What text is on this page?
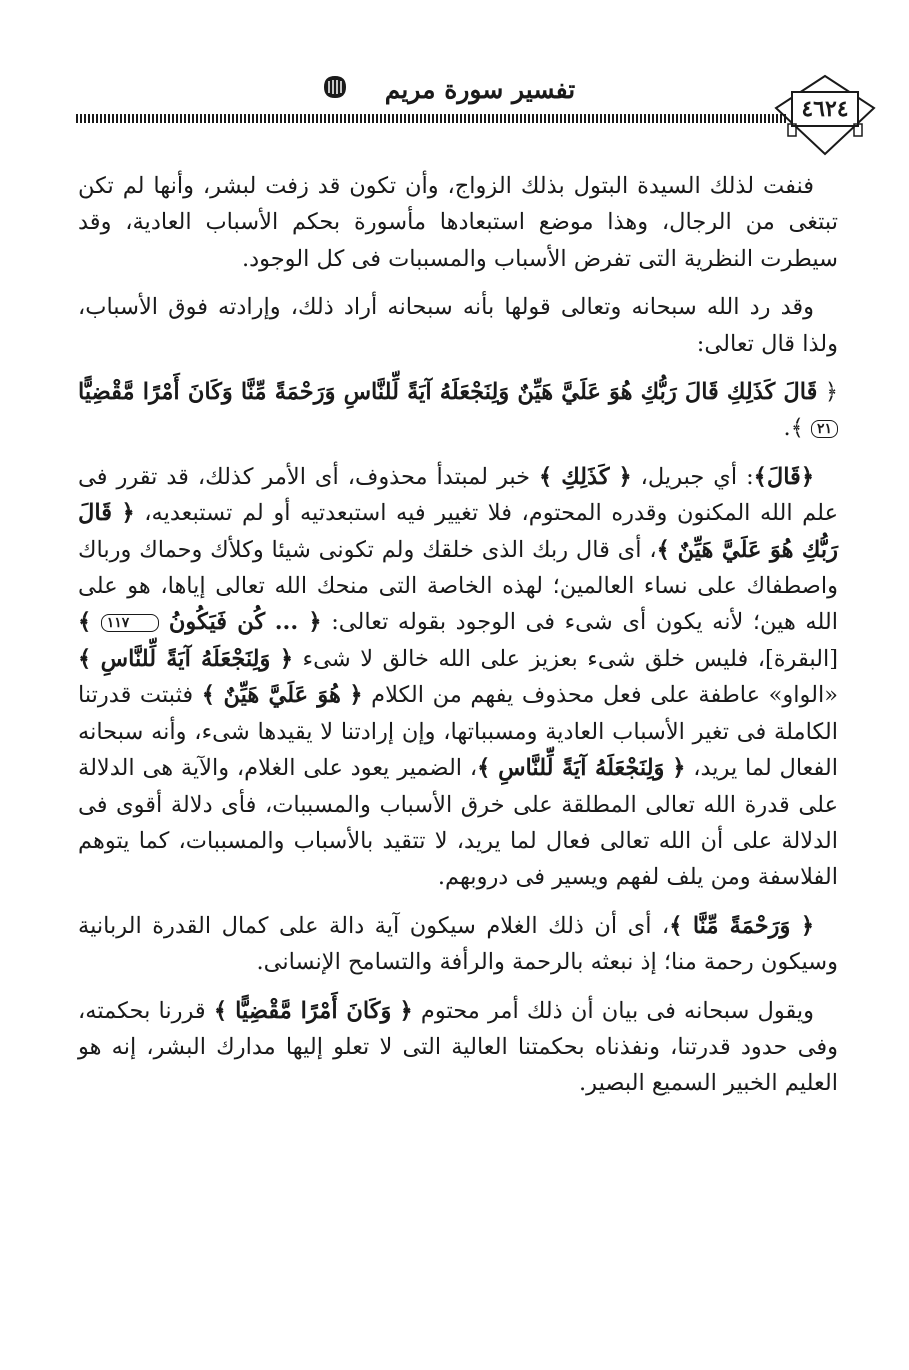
تفسير سورة مريم
٤٦٢٤

فنفت لذلك السيدة البتول بذلك الزواج، وأن تكون قد زفت لبشر، وأنها لم تكن تبتغى من الرجال، وهذا موضع استبعادها مأسورة بحكم الأسباب العادية، وقد سيطرت النظرية التى تفرض الأسباب والمسببات فى كل الوجود.

وقد رد الله سبحانه وتعالى قولها بأنه سبحانه أراد ذلك، وإرادته فوق الأسباب، ولذا قال تعالى:

﴿ قَالَ كَذَلِكِ قَالَ رَبُّكِ هُوَ عَلَيَّ هَيِّنٌ وَلِنَجْعَلَهُ آيَةً لِّلنَّاسِ وَرَحْمَةً مِّنَّا وَكَانَ أَمْرًا مَّقْضِيًّا ٢١ ﴾.

﴿قَالَ﴾: أي جبريل، ﴿ كَذَلِكِ ﴾ خبر لمبتدأ محذوف، أى الأمر كذلك، قد تقرر فى علم الله المكنون وقدره المحتوم، فلا تغيير فيه استبعدتيه أو لم تستبعديه، ﴿ قَالَ رَبُّكِ هُوَ عَلَيَّ هَيِّنٌ ﴾، أى قال ربك الذى خلقك ولم تكونى شيئا وكلأك وحماك ورباك واصطفاك على نساء العالمين؛ لهذه الخاصة التى منحك الله تعالى إياها، هو على الله هين؛ لأنه يكون أى شىء فى الوجود بقوله تعالى: ﴿ ... كُن فَيَكُونُ ١١٧ ﴾ [البقرة]، فليس خلق شىء بعزيز على الله خالق لا شىء ﴿ وَلِنَجْعَلَهُ آيَةً لِّلنَّاسِ ﴾ «الواو» عاطفة على فعل محذوف يفهم من الكلام ﴿ هُوَ عَلَيَّ هَيِّنٌ ﴾ فثبتت قدرتنا الكاملة فى تغير الأسباب العادية ومسبباتها، وإن إرادتنا لا يقيدها شىء، وأنه سبحانه الفعال لما يريد، ﴿ وَلِنَجْعَلَهُ آيَةً لِّلنَّاسِ ﴾، الضمير يعود على الغلام، والآية هى الدلالة على قدرة الله تعالى المطلقة على خرق الأسباب والمسببات، فأى دلالة أقوى فى الدلالة على أن الله تعالى فعال لما يريد، لا تتقيد بالأسباب والمسببات، كما يتوهم الفلاسفة ومن يلف لفهم ويسير فى دروبهم.

﴿ وَرَحْمَةً مِّنَّا ﴾، أى أن ذلك الغلام سيكون آية دالة على كمال القدرة الربانية وسيكون رحمة منا؛ إذ نبعثه بالرحمة والرأفة والتسامح الإنسانى.

ويقول سبحانه فى بيان أن ذلك أمر محتوم ﴿ وَكَانَ أَمْرًا مَّقْضِيًّا ﴾ قررنا بحكمته، وفى حدود قدرتنا، ونفذناه بحكمتنا العالية التى لا تعلو إليها مدارك البشر، إنه هو العليم الخبير السميع البصير.
